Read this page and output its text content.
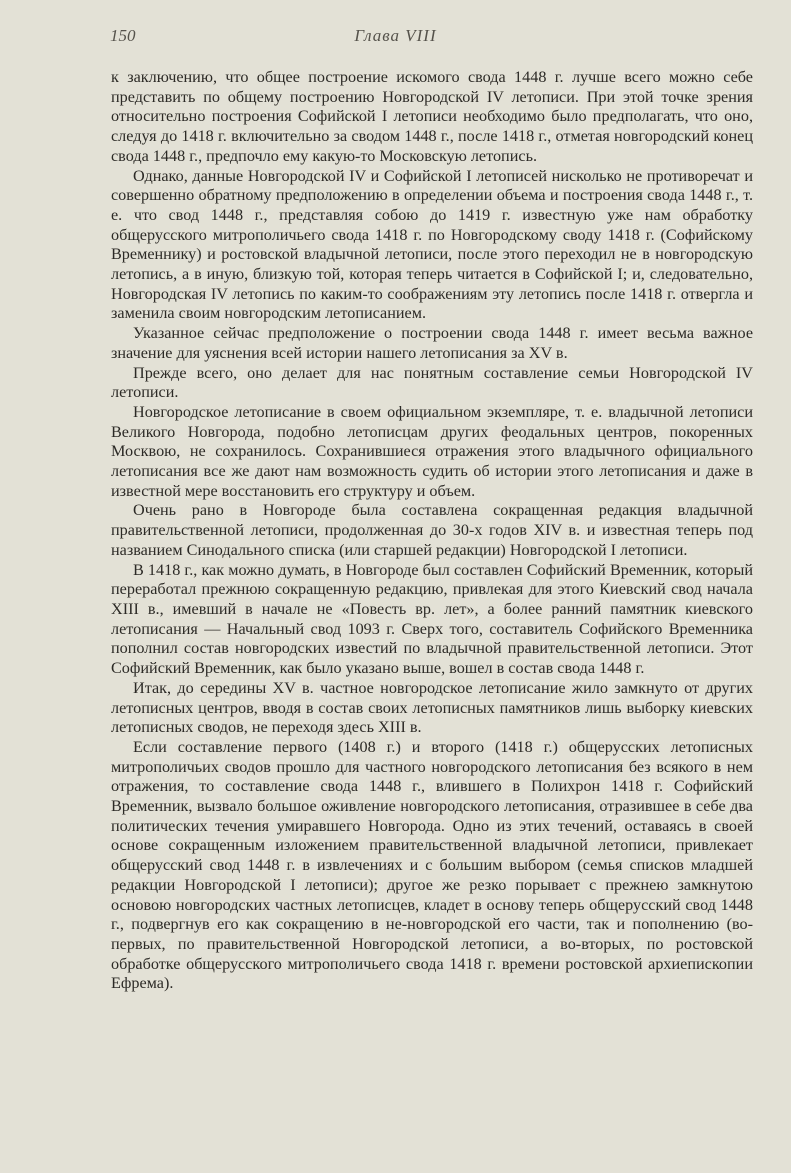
150	Глава VIII

к заключению, что общее построение искомого свода 1448 г. лучше всего можно себе представить по общему построению Новгородской IV летописи. При этой точке зрения относительно построения Софийской I летописи необходимо было предполагать, что оно, следуя до 1418 г. включительно за сводом 1448 г., после 1418 г., отметая новгородский конец свода 1448 г., предпочло ему какую-то Московскую летопись.

Однако, данные Новгородской IV и Софийской I летописей нисколько не противоречат и совершенно обратному предположению в определении объема и построения свода 1448 г., т. е. что свод 1448 г., представляя собою до 1419 г. известную уже нам обработку общерусского митрополичьего свода 1418 г. по Новгородскому своду 1418 г. (Софийскому Временнику) и ростовской владычной летописи, после этого переходил не в новгородскую летопись, а в иную, близкую той, которая теперь читается в Софийской I; и, следовательно, Новгородская IV летопись по каким-то соображениям эту летопись после 1418 г. отвергла и заменила своим новгородским летописанием.

Указанное сейчас предположение о построении свода 1448 г. имеет весьма важное значение для уяснения всей истории нашего летописания за XV в.

Прежде всего, оно делает для нас понятным составление семьи Новгородской IV летописи.

Новгородское летописание в своем официальном экземпляре, т. е. владычной летописи Великого Новгорода, подобно летописцам других феодальных центров, покоренных Москвою, не сохранилось. Сохранившиеся отражения этого владычного официального летописания все же дают нам возможность судить об истории этого летописания и даже в известной мере восстановить его структуру и объем.

Очень рано в Новгороде была составлена сокращенная редакция владычной правительственной летописи, продолженная до 30-х годов XIV в. и известная теперь под названием Синодального списка (или старшей редакции) Новгородской I летописи.

В 1418 г., как можно думать, в Новгороде был составлен Софийский Временник, который переработал прежнюю сокращенную редакцию, привлекая для этого Киевский свод начала XIII в., имевший в начале не «Повесть вр. лет», а более ранний памятник киевского летописания — Начальный свод 1093 г. Сверх того, составитель Софийского Временника пополнил состав новгородских известий по владычной правительственной летописи. Этот Софийский Временник, как было указано выше, вошел в состав свода 1448 г.

Итак, до середины XV в. частное новгородское летописание жило замкнуто от других летописных центров, вводя в состав своих летописных памятников лишь выборку киевских летописных сводов, не переходя здесь XIII в.

Если составление первого (1408 г.) и второго (1418 г.) общерусских летописных митрополичьих сводов прошло для частного новгородского летописания без всякого в нем отражения, то составление свода 1448 г., влившего в Полихрон 1418 г. Софийский Временник, вызвало большое оживление новгородского летописания, отразившее в себе два политических течения умиравшего Новгорода. Одно из этих течений, оставаясь в своей основе сокращенным изложением правительственной владычной летописи, привлекает общерусский свод 1448 г. в извлечениях и с большим выбором (семья списков младшей редакции Новгородской I летописи); другое же резко порывает с прежнею замкнутою основою новгородских частных летописцев, кладет в основу теперь общерусский свод 1448 г., подвергнув его как сокращению в не-новгородской его части, так и пополнению (во-первых, по правительственной Новгородской летописи, а во-вторых, по ростовской обработке общерусского митрополичьего свода 1418 г. времени ростовской архиепископии Ефрема).
